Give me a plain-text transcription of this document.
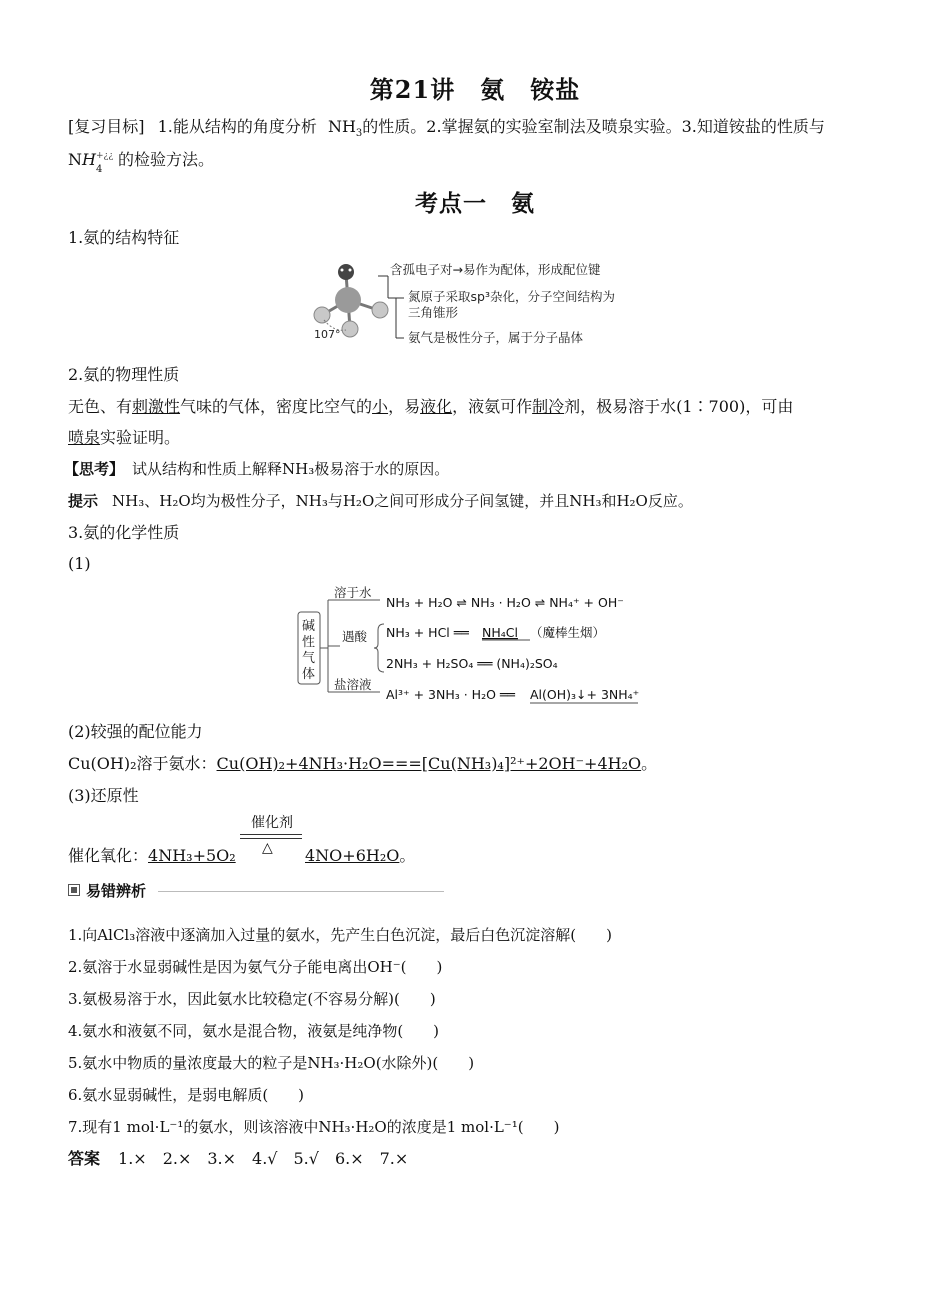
第21讲　氨　铵盐
[复习目标] 1.能从结构的角度分析 $NH_3$的性质。2.掌握氨的实验室制法及喷泉实验。3.知道铵盐的性质与
NH +¿¿
4
的检验方法。
考点一　氨
1.氨的结构特征
107°
含孤电子对→易作为配体，形成配位键
氮原子采取sp³杂化，分子空间结构为
三角锥形
氨气是极性分子，属于分子晶体
2.氨的物理性质
无色、有刺激性气味的气体，密度比空气的小，易液化，液氨可作制冷剂，极易溶于水(1∶700)，可由
喷泉实验证明。
【思考】 试从结构和性质上解释NH₃极易溶于水的原因。
提示 NH₃、H₂O均为极性分子，NH₃与H₂O之间可形成分子间氢键，并且NH₃和H₂O反应。
3.氨的化学性质
(1)
碱
性
气
体
溶于水
遇酸
盐溶液
NH₃ + H₂O ⇌ NH₃ · H₂O ⇌ NH₄⁺ + OH⁻
NH₃ + HCl ══ NH₄Cl （魔棒生烟）
2NH₃ + H₂SO₄ ══ (NH₄)₂SO₄
Al³⁺ + 3NH₃ · H₂O ══ Al(OH)₃↓+ 3NH₄⁺
(2)较强的配位能力
Cu(OH)₂溶于氨水：Cu(OH)₂+4NH₃·H₂O===[Cu(NH₃)₄]²⁺+2OH⁻+4H₂O。
(3)还原性
催化剂
△
催化氧化：4NH₃+5O₂	4NO+6H₂O。
易错辨析
1.向AlCl₃溶液中逐滴加入过量的氨水，先产生白色沉淀，最后白色沉淀溶解(　　)
2.氨溶于水显弱碱性是因为氨气分子能电离出OH⁻(　　)
3.氨极易溶于水，因此氨水比较稳定(不容易分解)(　　)
4.氨水和液氨不同，氨水是混合物，液氨是纯净物(　　)
5.氨水中物质的量浓度最大的粒子是NH₃·H₂O(水除外)(　　)
6.氨水显弱碱性，是弱电解质(　　)
7.现有1 mol·L⁻¹的氨水，则该溶液中NH₃·H₂O的浓度是1 mol·L⁻¹(　　)
答案 1.×　2.×　3.×　4.√　5.√　6.×　7.×
